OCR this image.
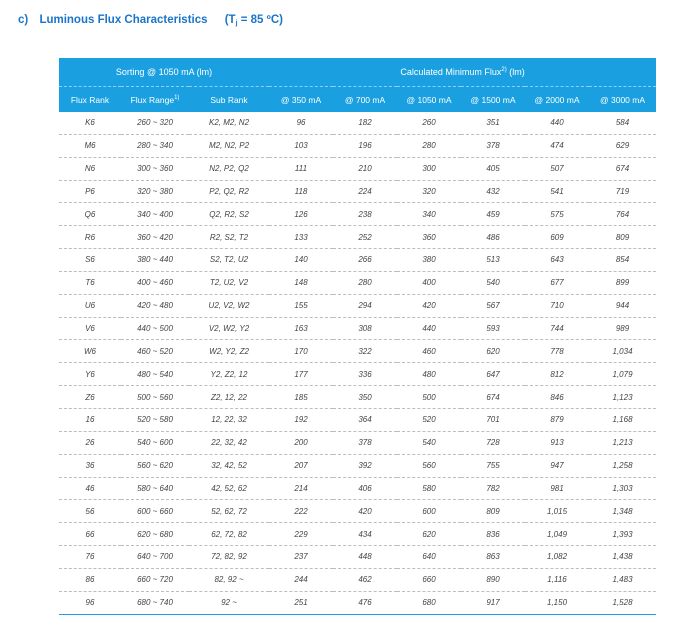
c) Luminous Flux Characteristics ($T_j = 85$ ºC)
Sorting @ 1050 mA (lm)			Calculated Minimum Flux$^{2)}$ (lm)					
Flux Rank	Flux Range$^{1)}$	Sub Rank	@ 350 mA	@ 700 mA	@ 1050 mA	@ 1500 mA	@ 2000 mA	@ 3000 mA
K6	260 ~ 320	K2, M2, N2	96	182	260	351	440	584
M6	280 ~ 340	M2, N2, P2	103	196	280	378	474	629
N6	300 ~ 360	N2, P2, Q2	111	210	300	405	507	674
P6	320 ~ 380	P2, Q2, R2	118	224	320	432	541	719
Q6	340 ~ 400	Q2, R2, S2	126	238	340	459	575	764
R6	360 ~ 420	R2, S2, T2	133	252	360	486	609	809
S6	380 ~ 440	S2, T2, U2	140	266	380	513	643	854
T6	400 ~ 460	T2, U2, V2	148	280	400	540	677	899
U6	420 ~ 480	U2, V2, W2	155	294	420	567	710	944
V6	440 ~ 500	V2, W2, Y2	163	308	440	593	744	989
W6	460 ~ 520	W2, Y2, Z2	170	322	460	620	778	1,034
Y6	480 ~ 540	Y2, Z2, 12	177	336	480	647	812	1,079
Z6	500 ~ 560	Z2, 12, 22	185	350	500	674	846	1,123
16	520 ~ 580	12, 22, 32	192	364	520	701	879	1,168
26	540 ~ 600	22, 32, 42	200	378	540	728	913	1,213
36	560 ~ 620	32, 42, 52	207	392	560	755	947	1,258
46	580 ~ 640	42, 52, 62	214	406	580	782	981	1,303
56	600 ~ 660	52, 62, 72	222	420	600	809	1,015	1,348
66	620 ~ 680	62, 72, 82	229	434	620	836	1,049	1,393
76	640 ~ 700	72, 82, 92	237	448	640	863	1,082	1,438
86	660 ~ 720	82, 92 ~	244	462	660	890	1,116	1,483
96	680 ~ 740	92 ~	251	476	680	917	1,150	1,528
